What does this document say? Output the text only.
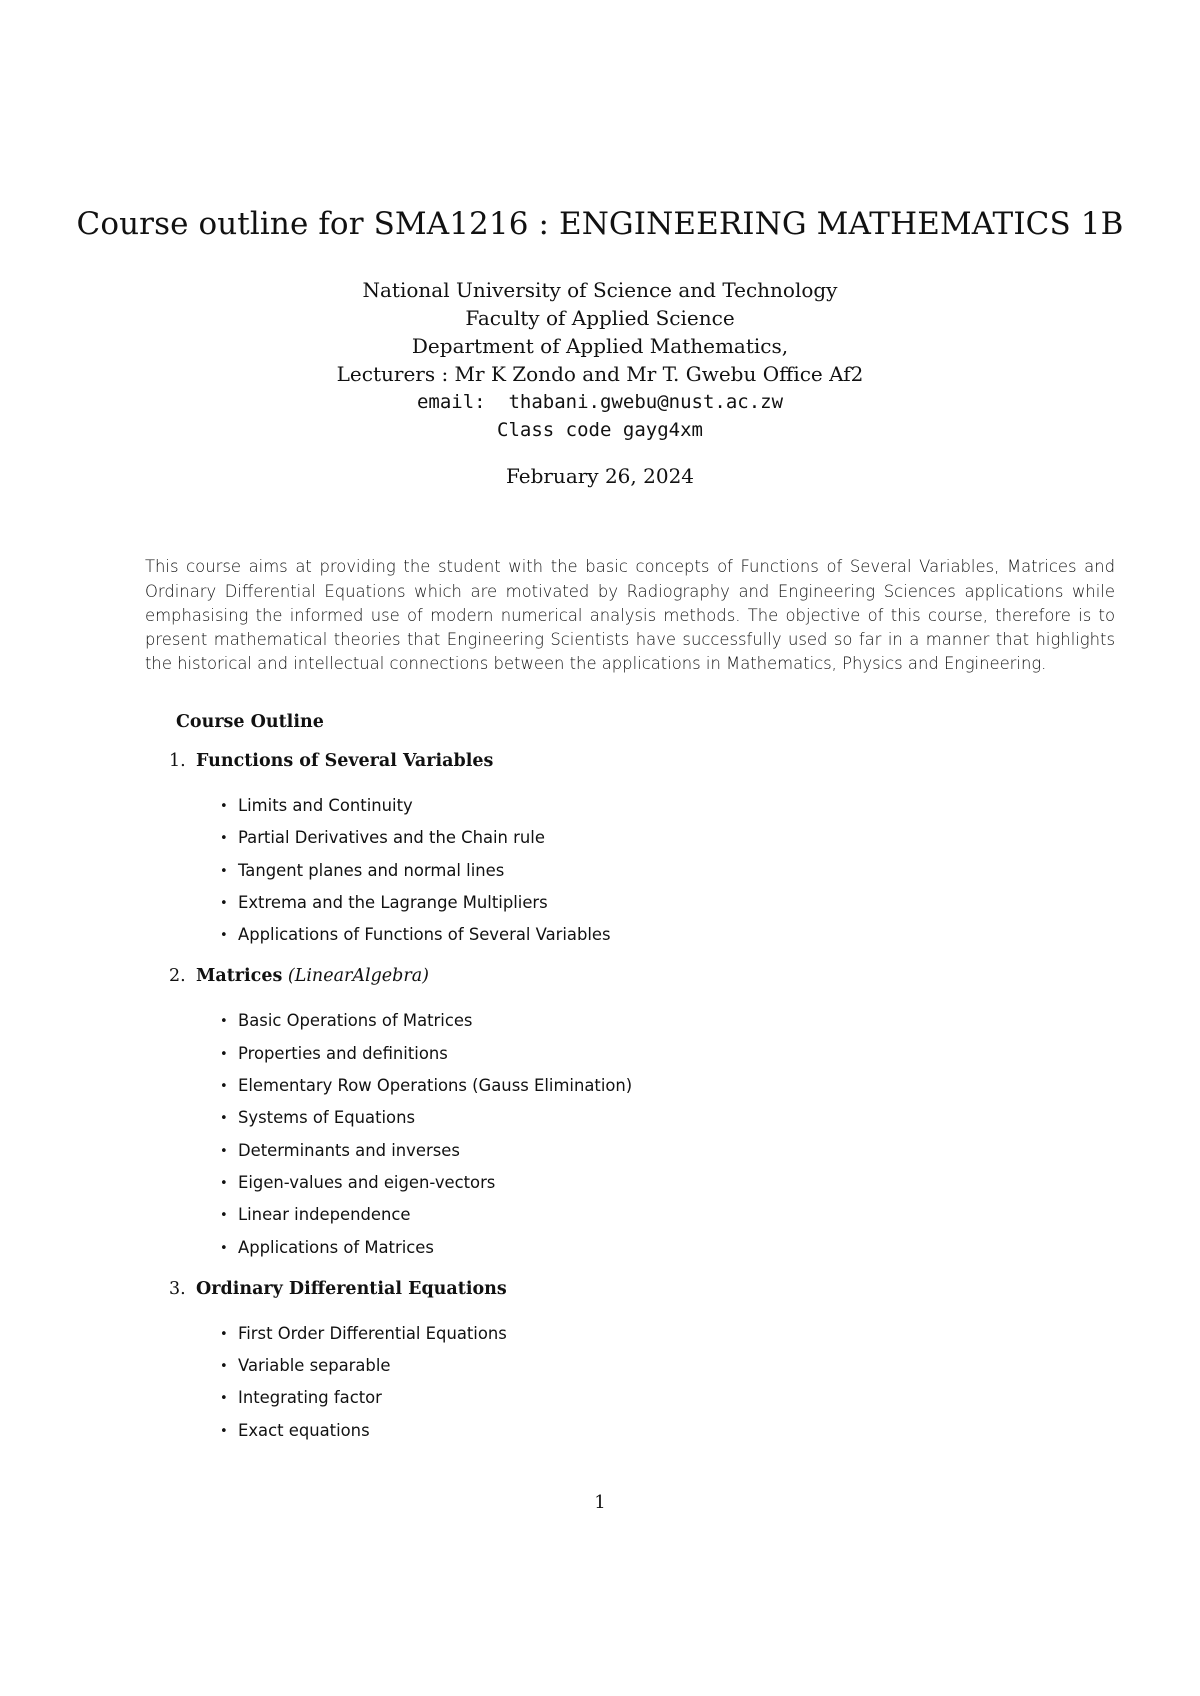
Course outline for SMA1216 : ENGINEERING MATHEMATICS 1B
National University of Science and Technology
Faculty of Applied Science
Department of Applied Mathematics,
Lecturers : Mr K Zondo and Mr T. Gwebu Office Af2
email: thabani.gwebu@nust.ac.zw
Class code gayg4xm
February 26, 2024

This course aims at providing the student with the basic concepts of Functions of Several Variables, Matrices and Ordinary Differential Equations which are motivated by Radiography and Engineering Sciences applications while emphasising the informed use of modern numerical analysis methods. The objective of this course, therefore is to present mathematical theories that Engineering Scientists have successfully used so far in a manner that highlights the historical and intellectual connections between the applications in Mathematics, Physics and Engineering.

Course Outline
1. Functions of Several Variables
• Limits and Continuity
• Partial Derivatives and the Chain rule
• Tangent planes and normal lines
• Extrema and the Lagrange Multipliers
• Applications of Functions of Several Variables
2. Matrices (LinearAlgebra)
• Basic Operations of Matrices
• Properties and definitions
• Elementary Row Operations (Gauss Elimination)
• Systems of Equations
• Determinants and inverses
• Eigen-values and eigen-vectors
• Linear independence
• Applications of Matrices
3. Ordinary Differential Equations
• First Order Differential Equations
• Variable separable
• Integrating factor
• Exact equations
1
